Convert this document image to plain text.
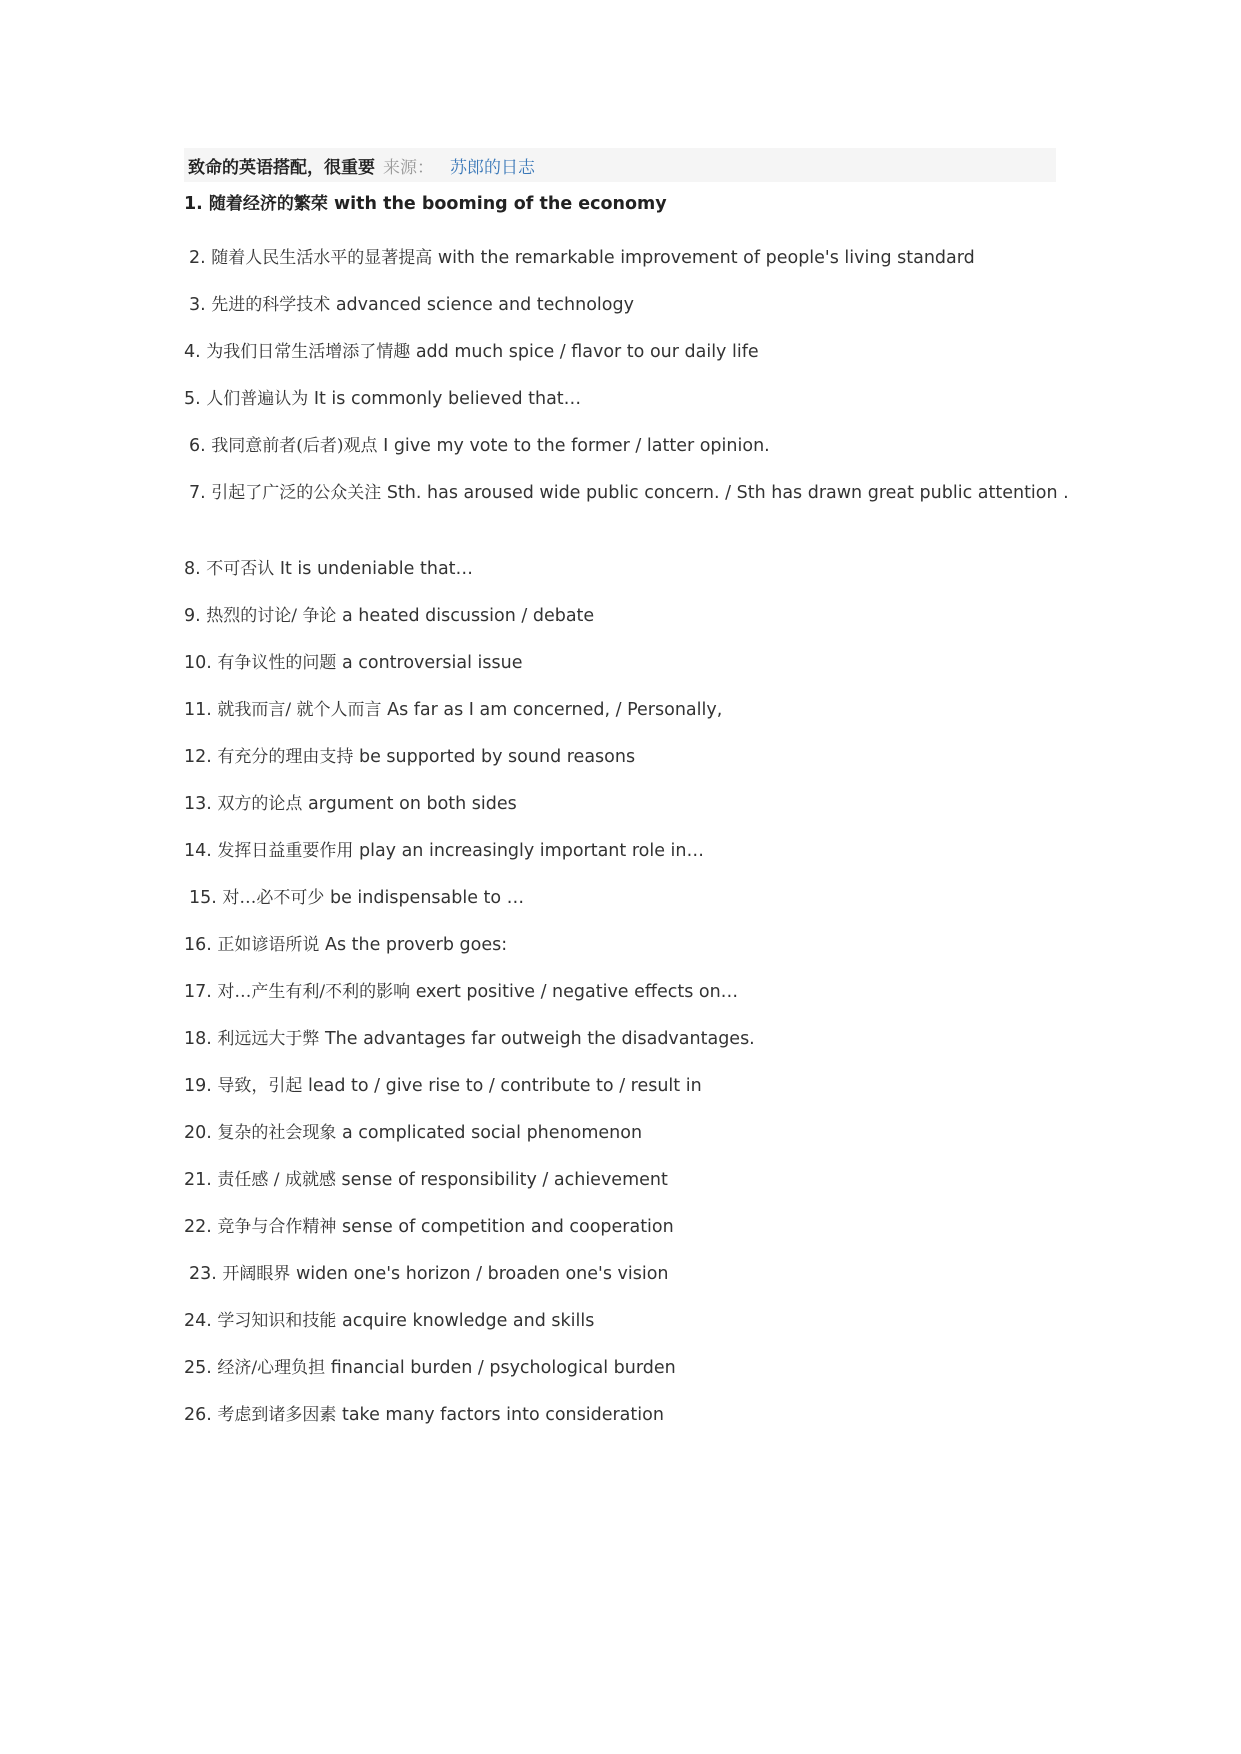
致命的英语搭配，很重要 来源： 苏郎的日志
1. 随着经济的繁荣 with the booming of the economy
2. 随着人民生活水平的显著提高 with the remarkable improvement of people's living standard
3. 先进的科学技术 advanced science and technology
4. 为我们日常生活增添了情趣 add much spice / flavor to our daily life
5. 人们普遍认为 It is commonly believed that…
6. 我同意前者(后者)观点 I give my vote to the former / latter opinion.
7. 引起了广泛的公众关注 Sth. has aroused wide public concern. / Sth has drawn great public attention .
8. 不可否认 It is undeniable that…
9. 热烈的讨论/ 争论 a heated discussion / debate
10. 有争议性的问题 a controversial issue
11. 就我而言/ 就个人而言 As far as I am concerned, / Personally,
12. 有充分的理由支持 be supported by sound reasons
13. 双方的论点 argument on both sides
14. 发挥日益重要作用 play an increasingly important role in…
15. 对…必不可少 be indispensable to …
16. 正如谚语所说 As the proverb goes:
17. 对…产生有利/不利的影响 exert positive / negative effects on…
18. 利远远大于弊 The advantages far outweigh the disadvantages.
19. 导致，引起 lead to / give rise to / contribute to / result in
20. 复杂的社会现象 a complicated social phenomenon
21. 责任感 / 成就感 sense of responsibility / achievement
22. 竞争与合作精神 sense of competition and cooperation
23. 开阔眼界 widen one's horizon / broaden one's vision
24. 学习知识和技能 acquire knowledge and skills
25. 经济/心理负担 financial burden / psychological burden
26. 考虑到诸多因素 take many factors into consideration
